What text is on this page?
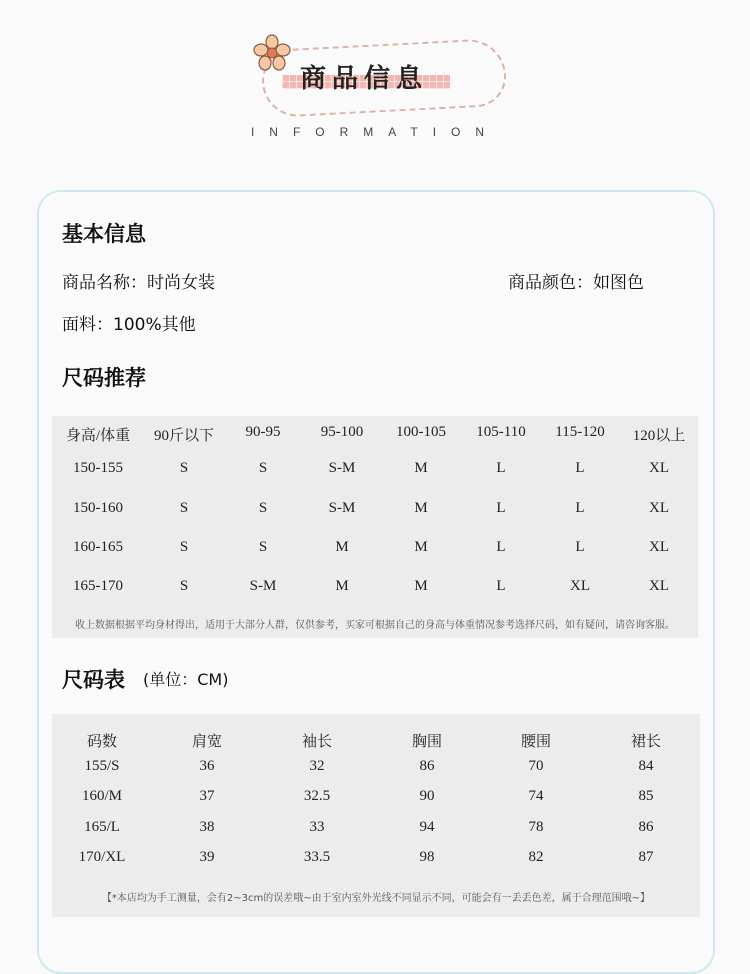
商品信息
INFORMATION
基本信息
商品名称：时尚女装	商品颜色：如图色
面料：100%其他
尺码推荐
身高/体重 90斤以下 90-95	95-100 100-105 105-110 115-120 120以上
150-155	S	S	S-M	M	L	L	XL
150-160	S	S	S-M	M	L	L	XL
160-165	S	S	M	M	L	L	XL
165-170	S	S-M	M	M	L	XL	XL
收上数据根据平均身材得出，适用于大部分人群，仅供参考，买家可根据自己的身高与体重情况参考选择尺码，如有疑问，请咨询客服。
尺码表 (单位：CM)
码数	肩宽	袖长	胸围	腰围	裙长
155/S	36	32	86	70	84
160/M	37	32.5	90	74	85
165/L	38	33	94	78	86
170/XL	39	33.5	98	82	87
【*本店均为手工测量，会有2~3cm的误差哦~由于室内室外光线不同显示不同，可能会有一丢丢色差，属于合理范围哦~】
